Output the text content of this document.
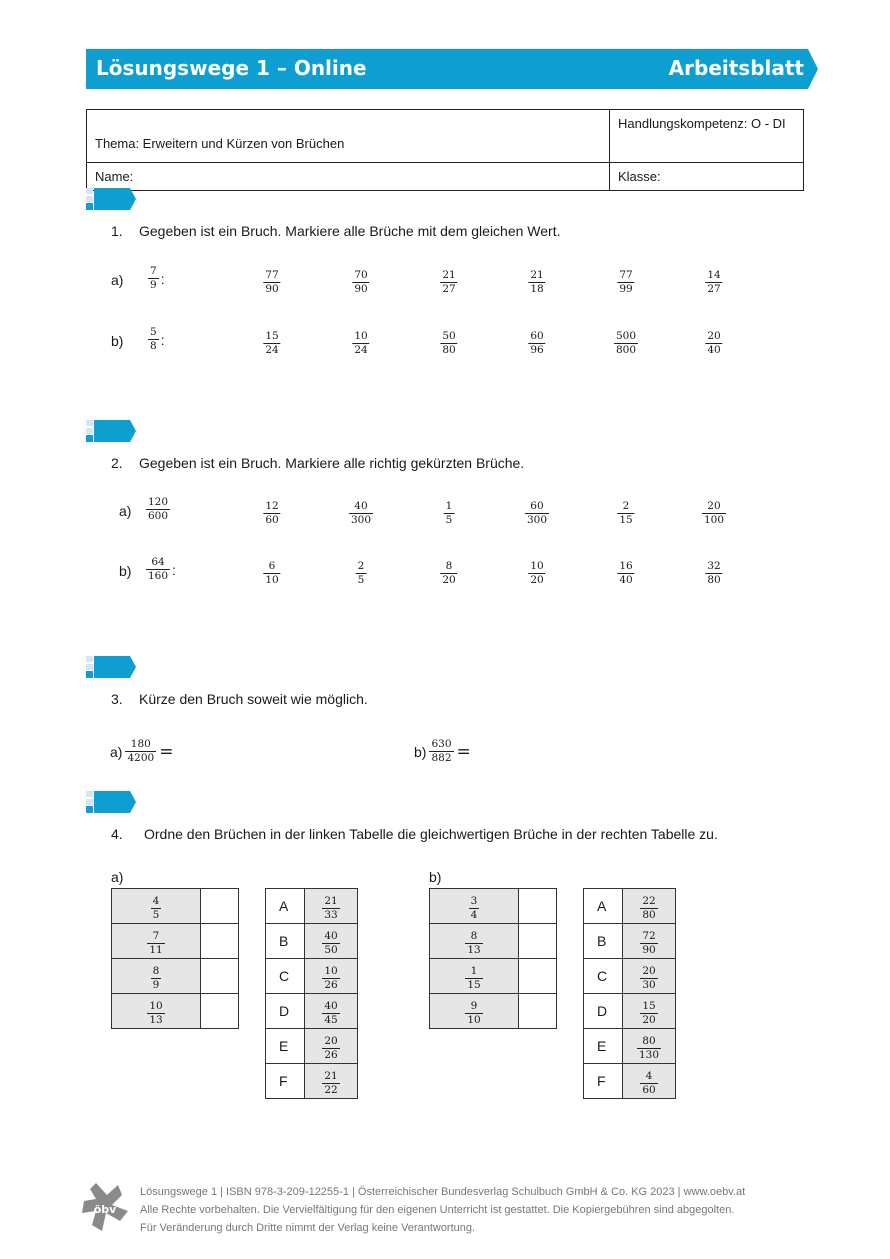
Lösungswege 1 – Online	Arbeitsblatt
Thema: Erweitern und Kürzen von Brüchen	Handlungskompetenz: O - DI
Name:	Klasse:
1. Gegeben ist ein Bruch. Markiere alle Brüche mit dem gleichen Wert.
$a) \frac{7}{9}$ :	$\frac{77}{90}$	$\frac{70}{90}$	$\frac{21}{27}$	$\frac{21}{18}$	$\frac{77}{99}$	$\frac{14}{27}$
$b) \frac{5}{8}$ :	$\frac{15}{24}$	$\frac{10}{24}$	$\frac{50}{80}$	$\frac{60}{96}$	$\frac{500}{800}$	$\frac{20}{40}$
2. Gegeben ist ein Bruch. Markiere alle richtig gekürzten Brüche.
$a) \frac{120}{600}$	$\frac{12}{60}$	$\frac{40}{300}$	$\frac{1}{5}$	$\frac{60}{300}$	$\frac{2}{15}$	$\frac{20}{100}$
$b) \frac{64}{160}$ :	$\frac{6}{10}$	$\frac{2}{5}$	$\frac{8}{20}$	$\frac{10}{20}$	$\frac{16}{40}$	$\frac{32}{80}$
3. Kürze den Bruch soweit wie möglich.
$a) \frac{180}{4200}$ =	$b) \frac{630}{882}$ =
4. Ordne den Brüchen in der linken Tabelle die gleichwertigen Brüche in der rechten Tabelle zu.
a)	b)
$\frac{4}{5}$

$\frac{7}{11}$

$\frac{8}{9}$

$\frac{10}{13}$

A	$\frac{21}{33}$

B	$\frac{40}{50}$

C	$\frac{10}{26}$

D	$\frac{40}{45}$

E	$\frac{20}{26}$

F	$\frac{21}{22}$
$\frac{3}{4}$

$\frac{8}{13}$

$\frac{1}{15}$

$\frac{9}{10}$

A	$\frac{22}{80}$

B	$\frac{72}{90}$

C	$\frac{20}{30}$

D	$\frac{15}{20}$

E	$\frac{80}{130}$

F	$\frac{4}{60}$
öbv
Lösungswege 1 | ISBN 978-3-209-12255-1 | Österreichischer Bundesverlag Schulbuch GmbH & Co. KG 2023 | www.oebv.at
Alle Rechte vorbehalten. Die Vervielfältigung für den eigenen Unterricht ist gestattet. Die Kopiergebühren sind abgegolten.
Für Veränderung durch Dritte nimmt der Verlag keine Verantwortung.
